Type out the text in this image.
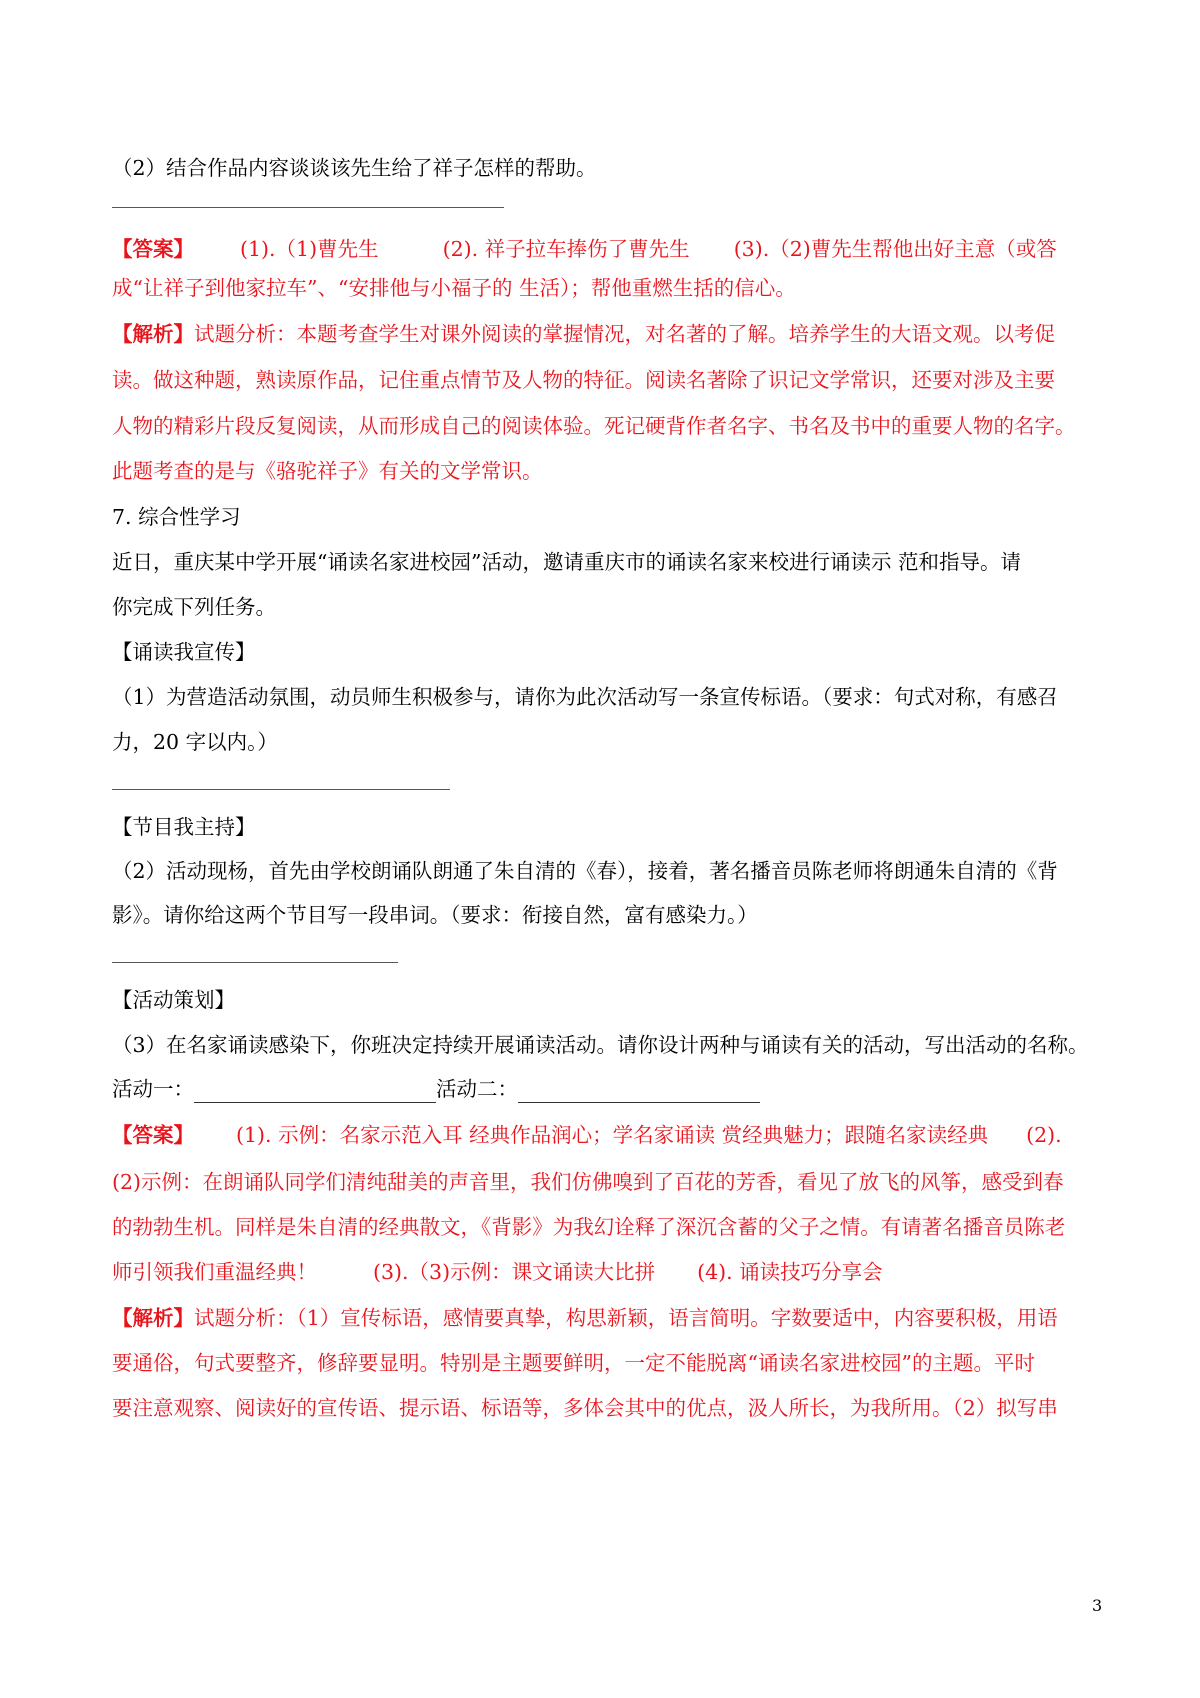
（2）结合作品内容谈谈该先生给了祥子怎样的帮助。
【答案】 (1).（1)曹先生	(2). 祥子拉车捧伤了曹先生 (3).（2)曹先生帮他出好主意（或答
成“让祥子到他家拉车”、“安排他与小福子的 生活）；帮他重燃生括的信心。
【解析】试题分析：本题考查学生对课外阅读的掌握情况，对名著的了解。培养学生的大语文观。以考促
读。做这种题，熟读原作品，记住重点情节及人物的特征。阅读名著除了识记文学常识，还要对涉及主要
人物的精彩片段反复阅读，从而形成自己的阅读体验。死记硬背作者名字、书名及书中的重要人物的名字。
此题考查的是与《骆驼祥子》有关的文学常识。
7. 综合性学习
近日，重庆某中学开展“诵读名家进校园”活动，邀请重庆市的诵读名家来校进行诵读示 范和指导。请
你完成下列任务。
【诵读我宣传】
（1）为营造活动氛围，动员师生积极参与，请你为此次活动写一条宣传标语。（要求：句式对称，有感召
力，20 字以内。）
【节目我主持】
（2）活动现杨，首先由学校朗诵队朗通了朱自清的《春），接着，著名播音员陈老师将朗通朱自清的《背
影》。请你给这两个节目写一段串词。（要求：衔接自然，富有感染力。）
【活动策划】
（3）在名家诵读感染下，你班决定持续开展诵读活动。请你设计两种与诵读有关的活动，写出活动的名称。
活动一：	活动二：
【答案】 (1). 示例：名家示范入耳 经典作品润心；学名家诵读 赏经典魅力；跟随名家读经典 (2).
(2)示例：在朗诵队同学们清纯甜美的声音里，我们仿佛嗅到了百花的芳香，看见了放飞的风筝，感受到春
的勃勃生机。同样是朱自清的经典散文，《背影》为我幻诠释了深沉含蓄的父子之情。有请著名播音员陈老
师引领我们重温经典！	(3).（3)示例：课文诵读大比拼 (4). 诵读技巧分享会
【解析】试题分析：（1）宣传标语，感情要真挚，构思新颖，语言简明。字数要适中，内容要积极，用语
要通俗，句式要整齐，修辞要显明。特别是主题要鲜明，一定不能脱离“诵读名家进校园”的主题。平时
要注意观察、阅读好的宣传语、提示语、标语等，多体会其中的优点，汲人所长，为我所用。（2）拟写串
3
